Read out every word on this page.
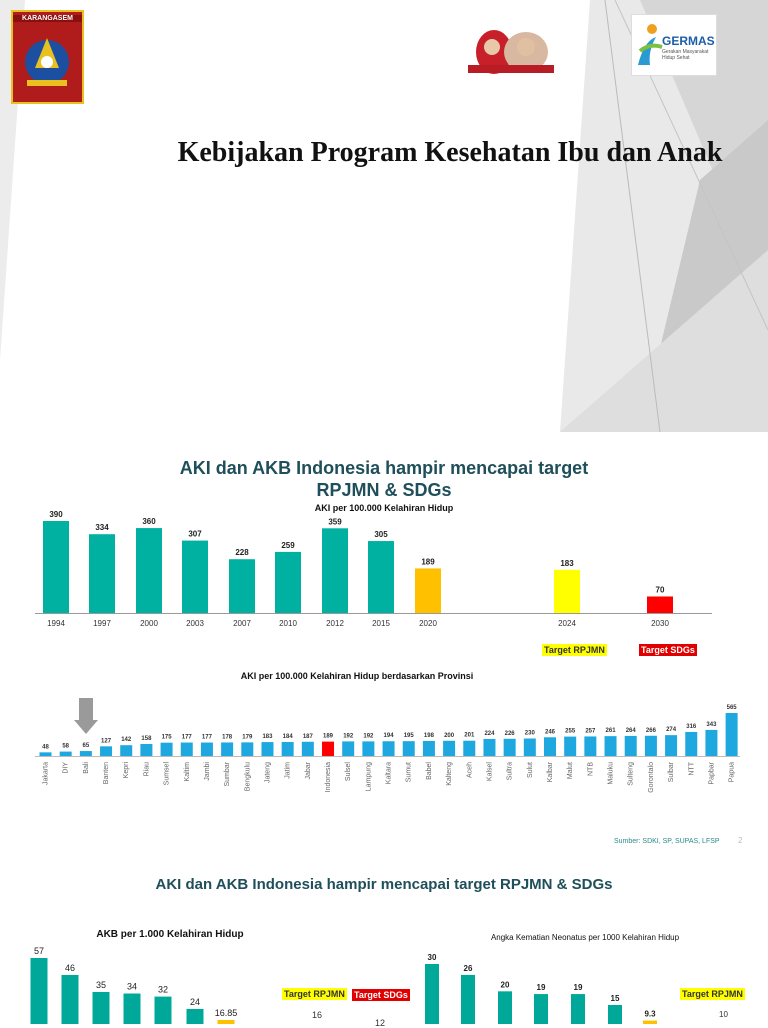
KARANGASEM
GERMAS
Gerakan Masyarakat Hidup Sehat
Kebijakan Program Kesehatan Ibu dan Anak
AKI dan AKB Indonesia hampir mencapai target
RPJMN & SDGs
AKI per 100.000 Kelahiran Hidup
390
1994
334
1997
360
2000
307
2003
228
2007
259
2010
359
2012
305
2015
189
2020
183
2024
70
2030
Target RPJMN	Target SDGs
AKI per 100.000 Kelahiran Hidup berdasarkan Provinsi
48
Jakarta
58
DIY
65
Bali
127
Banten
142
Kepri
158
Riau
175
Sumsel
177
Kaltim
177
Jambi
178
Sumbar
179
Bengkulu
183
Jateng
184
Jatim
187
Jabar
189
Indonesia
192
Sulsel
192
Lampung
194
Kaltara
195
Sumut
198
Babel
200
Kalteng
201
Aceh
224
Kalsel
226
Sultra
230
Sulut
246
Kalbar
255
Malut
257
NTB
261
Maluku
264
Sulteng
266
Gorontalo
274
Sulbar
316
NTT
343
Papbar
565
Papua
Sumber: SDKI, SP, SUPAS, LFSP 2
AKI dan AKB Indonesia hampir mencapai target RPJMN & SDGs
AKB per 1.000 Kelahiran Hidup	Angka Kematian Neonatus per 1000 Kelahiran Hidup
57
46
35 34 32
24
16.85
30
26
20	19	19
15
9.3
Target RPJMN Target SDGs
16
12
Target RPJMN
10
